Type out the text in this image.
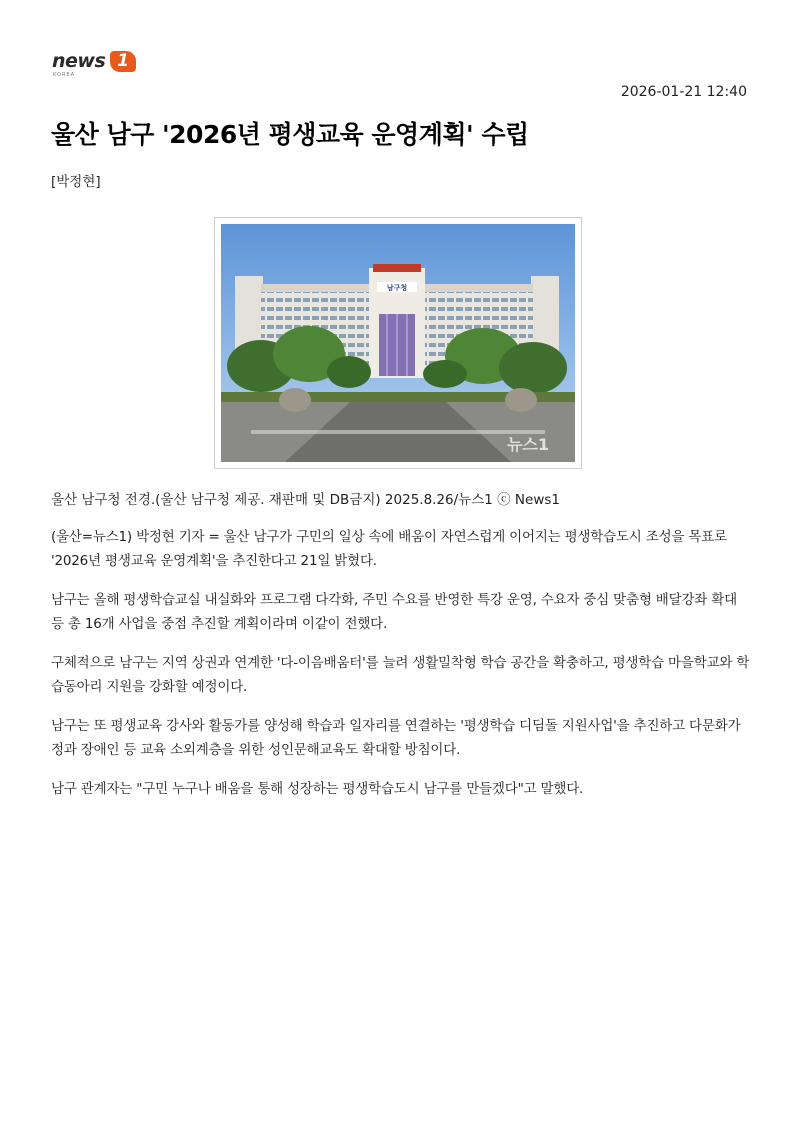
news 1
KOREA
2026-01-21 12:40
울산 남구 '2026년 평생교육 운영계획' 수립
[박정현]
남구청
뉴스1
울산 남구청 전경.(울산 남구청 제공. 재판매 및 DB금지) 2025.8.26/뉴스1 ⓒ News1

(울산=뉴스1) 박정현 기자 = 울산 남구가 구민의 일상 속에 배움이 자연스럽게 이어지는 평생학습도시 조성을 목표로 '2026년 평생교육 운영계획'을 추진한다고 21일 밝혔다.

남구는 올해 평생학습교실 내실화와 프로그램 다각화, 주민 수요를 반영한 특강 운영, 수요자 중심 맞춤형 배달강좌 확대 등 총 16개 사업을 중점 추진할 계획이라며 이같이 전했다.

구체적으로 남구는 지역 상권과 연계한 '다-이음배움터'를 늘려 생활밀착형 학습 공간을 확충하고, 평생학습 마을학교와 학습동아리 지원을 강화할 예정이다.

남구는 또 평생교육 강사와 활동가를 양성해 학습과 일자리를 연결하는 '평생학습 디딤돌 지원사업'을 추진하고 다문화가정과 장애인 등 교육 소외계층을 위한 성인문해교육도 확대할 방침이다.

남구 관계자는 "구민 누구나 배움을 통해 성장하는 평생학습도시 남구를 만들겠다"고 말했다.
